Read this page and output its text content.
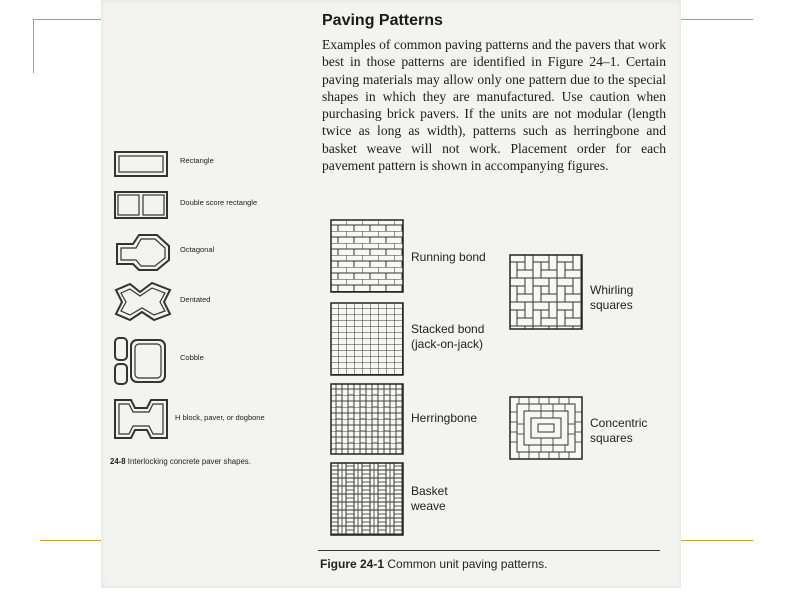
Paving Patterns

Examples of common paving patterns and the pavers that work best in those patterns are identified in Figure 24–1. Certain paving materials may allow only one pattern due to the special shapes in which they are manufactured. Use caution when purchasing brick pavers. If the units are not modular (length twice as long as width), patterns such as herringbone and basket weave will not work. Placement order for each pavement pattern is shown in accompanying figures.

Rectangle
Double score rectangle
Octagonal
Dentated
Cobble
H block, paver, or dogbone
24-8 Interlocking concrete paver shapes.
Running bond
Stacked bond
(jack-on-jack)
Herringbone
Basket
weave
Whirling
squares
Concentric
squares
Figure 24-1 Common unit paving patterns.
